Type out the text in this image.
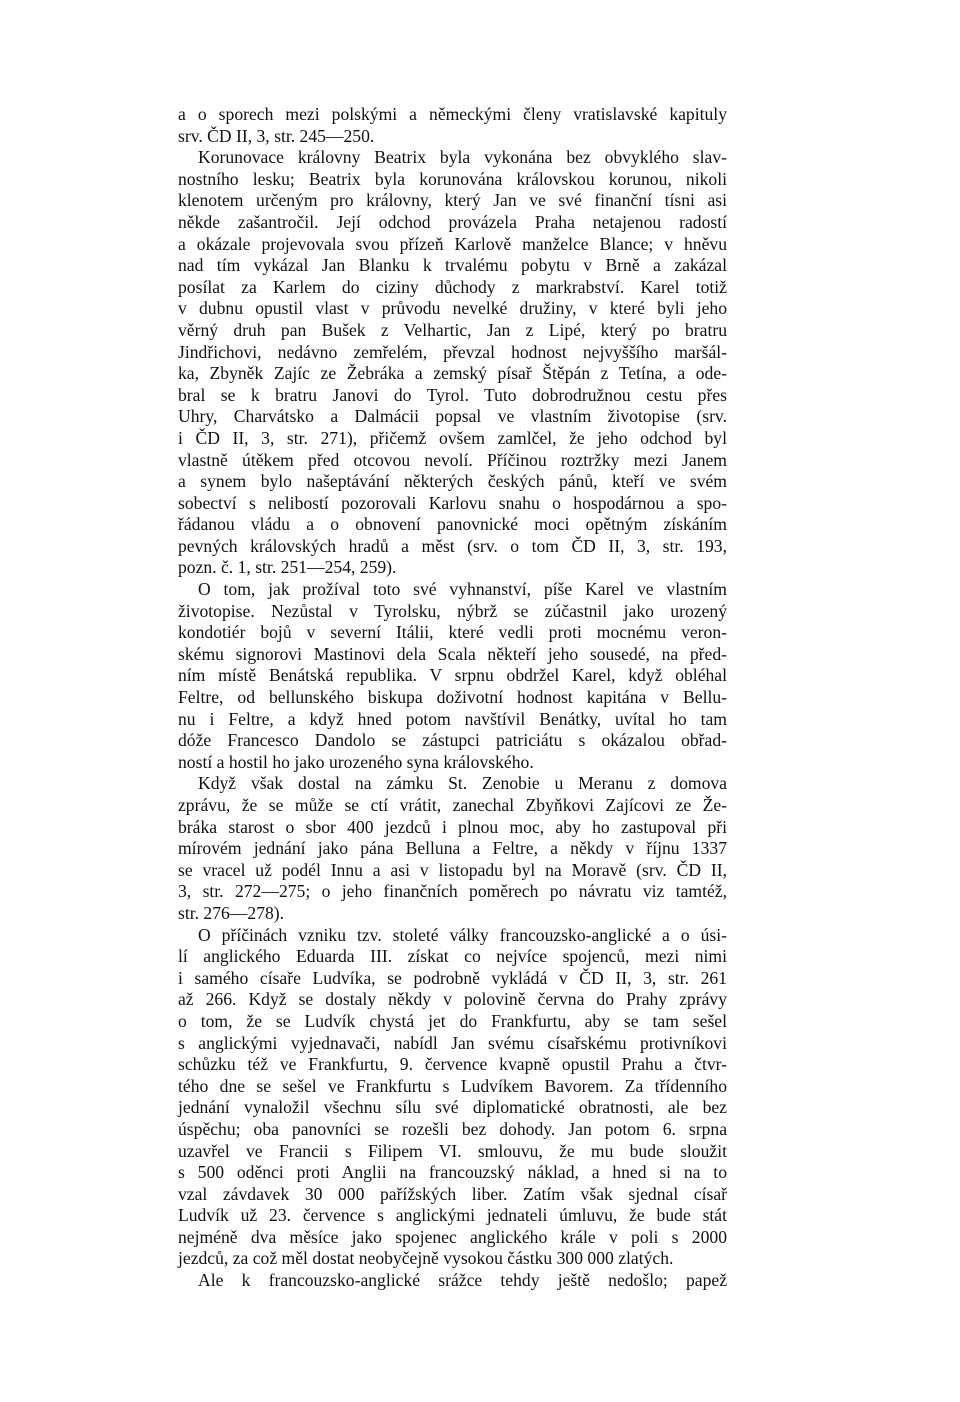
a o sporech mezi polskými a německými členy vratislavské kapituly
srv. ČD II, 3, str. 245—250.
Korunovace královny Beatrix byla vykonána bez obvyklého slav-
nostního lesku; Beatrix byla korunována královskou korunou, nikoli
klenotem určeným pro královny, který Jan ve své finanční tísni asi
někde zašantročil. Její odchod provázela Praha netajenou radostí
a okázale projevovala svou přízeň Karlově manželce Blance; v hněvu
nad tím vykázal Jan Blanku k trvalému pobytu v Brně a zakázal
posílat za Karlem do ciziny důchody z markrabství. Karel totiž
v dubnu opustil vlast v průvodu nevelké družiny, v které byli jeho
věrný druh pan Bušek z Velhartic, Jan z Lipé, který po bratru
Jindřichovi, nedávno zemřelém, převzal hodnost nejvyššího maršál-
ka, Zbyněk Zajíc ze Žebráka a zemský písař Štěpán z Tetína, a ode-
bral se k bratru Janovi do Tyrol. Tuto dobrodružnou cestu přes
Uhry, Charvátsko a Dalmácii popsal ve vlastním životopise (srv.
i ČD II, 3, str. 271), přičemž ovšem zamlčel, že jeho odchod byl
vlastně útěkem před otcovou nevolí. Příčinou roztržky mezi Janem
a synem bylo našeptávání některých českých pánů, kteří ve svém
sobectví s nelibostí pozorovali Karlovu snahu o hospodárnou a spo-
řádanou vládu a o obnovení panovnické moci opětným získáním
pevných královských hradů a měst (srv. o tom ČD II, 3, str. 193,
pozn. č. 1, str. 251—254, 259).
O tom, jak prožíval toto své vyhnanství, píše Karel ve vlastním
životopise. Nezůstal v Tyrolsku, nýbrž se zúčastnil jako urozený
kondotiér bojů v severní Itálii, které vedli proti mocnému veron-
skému signorovi Mastinovi dela Scala někteří jeho sousedé, na před-
ním místě Benátská republika. V srpnu obdržel Karel, když obléhal
Feltre, od bellunského biskupa doživotní hodnost kapitána v Bellu-
nu i Feltre, a když hned potom navštívil Benátky, uvítal ho tam
dóže Francesco Dandolo se zástupci patriciátu s okázalou obřad-
ností a hostil ho jako urozeného syna královského.
Když však dostal na zámku St. Zenobie u Meranu z domova
zprávu, že se může se ctí vrátit, zanechal Zbyňkovi Zajícovi ze Že-
bráka starost o sbor 400 jezdců i plnou moc, aby ho zastupoval při
mírovém jednání jako pána Belluna a Feltre, a někdy v říjnu 1337
se vracel už podél Innu a asi v listopadu byl na Moravě (srv. ČD II,
3, str. 272—275; o jeho finančních poměrech po návratu viz tamtéž,
str. 276—278).
O příčinách vzniku tzv. stoleté války francouzsko-anglické a o úsi-
lí anglického Eduarda III. získat co nejvíce spojenců, mezi nimi
i samého císaře Ludvíka, se podrobně vykládá v ČD II, 3, str. 261
až 266. Když se dostaly někdy v polovině června do Prahy zprávy
o tom, že se Ludvík chystá jet do Frankfurtu, aby se tam sešel
s anglickými vyjednavači, nabídl Jan svému císařskému protivníkovi
schůzku též ve Frankfurtu, 9. července kvapně opustil Prahu a čtvr-
tého dne se sešel ve Frankfurtu s Ludvíkem Bavorem. Za třídenního
jednání vynaložil všechnu sílu své diplomatické obratnosti, ale bez
úspěchu; oba panovníci se rozešli bez dohody. Jan potom 6. srpna
uzavřel ve Francii s Filipem VI. smlouvu, že mu bude sloužit
s 500 oděnci proti Anglii na francouzský náklad, a hned si na to
vzal závdavek 30 000 pařížských liber. Zatím však sjednal císař
Ludvík už 23. července s anglickými jednateli úmluvu, že bude stát
nejméně dva měsíce jako spojenec anglického krále v poli s 2000
jezdců, za což měl dostat neobyčejně vysokou částku 300 000 zlatých.
Ale k francouzsko-anglické srážce tehdy ještě nedošlo; papež
